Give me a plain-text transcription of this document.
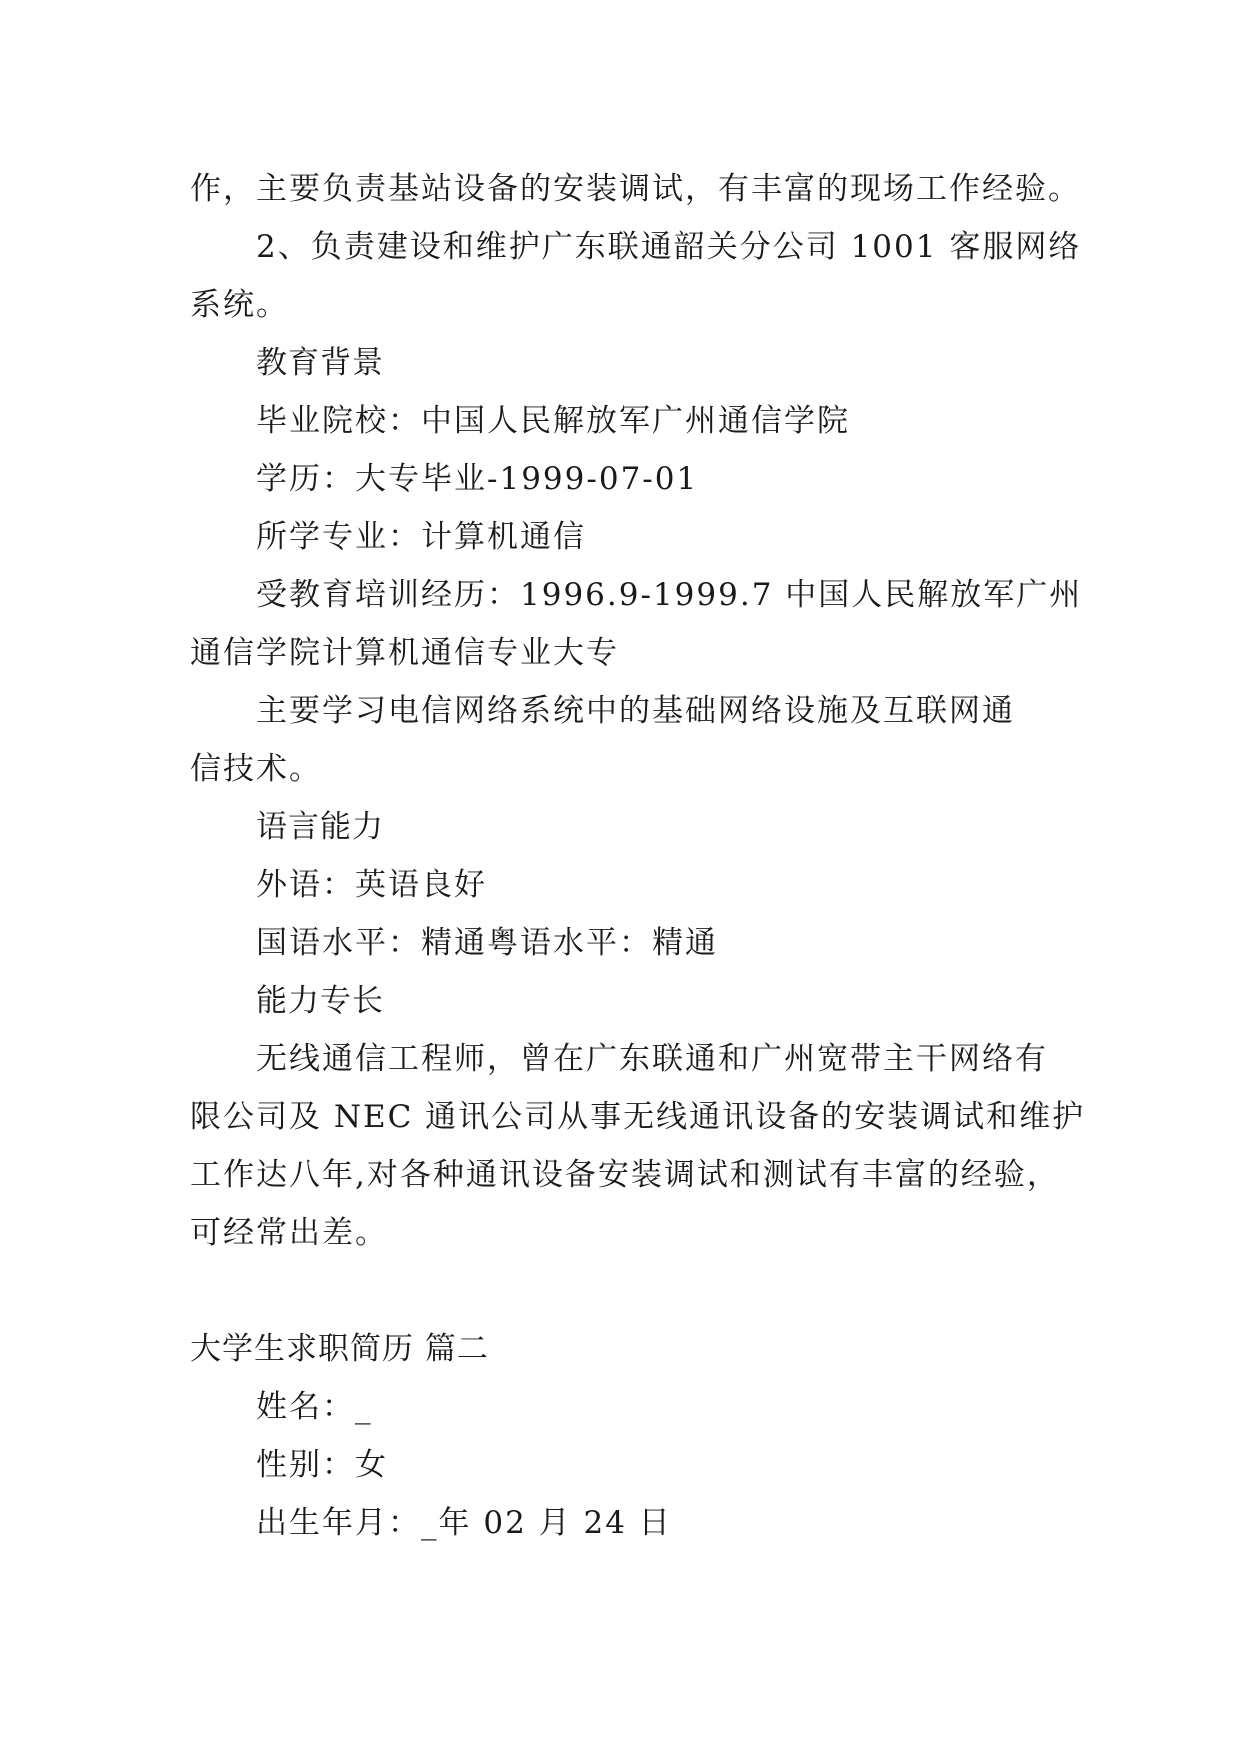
作，主要负责基站设备的安装调试，有丰富的现场工作经验。
2、负责建设和维护广东联通韶关分公司 1001 客服网络
系统。
教育背景
毕业院校：中国人民解放军广州通信学院
学历：大专毕业-1999-07-01
所学专业：计算机通信
受教育培训经历：1996.9-1999.7 中国人民解放军广州
通信学院计算机通信专业大专
主要学习电信网络系统中的基础网络设施及互联网通
信技术。
语言能力
外语：英语良好
国语水平：精通粤语水平：精通
能力专长
无线通信工程师，曾在广东联通和广州宽带主干网络有
限公司及 NEC 通讯公司从事无线通讯设备的安装调试和维护
工作达八年,对各种通讯设备安装调试和测试有丰富的经验，
可经常出差。
大学生求职简历 篇二
姓名：_
性别：女
出生年月：_年 02 月 24 日
